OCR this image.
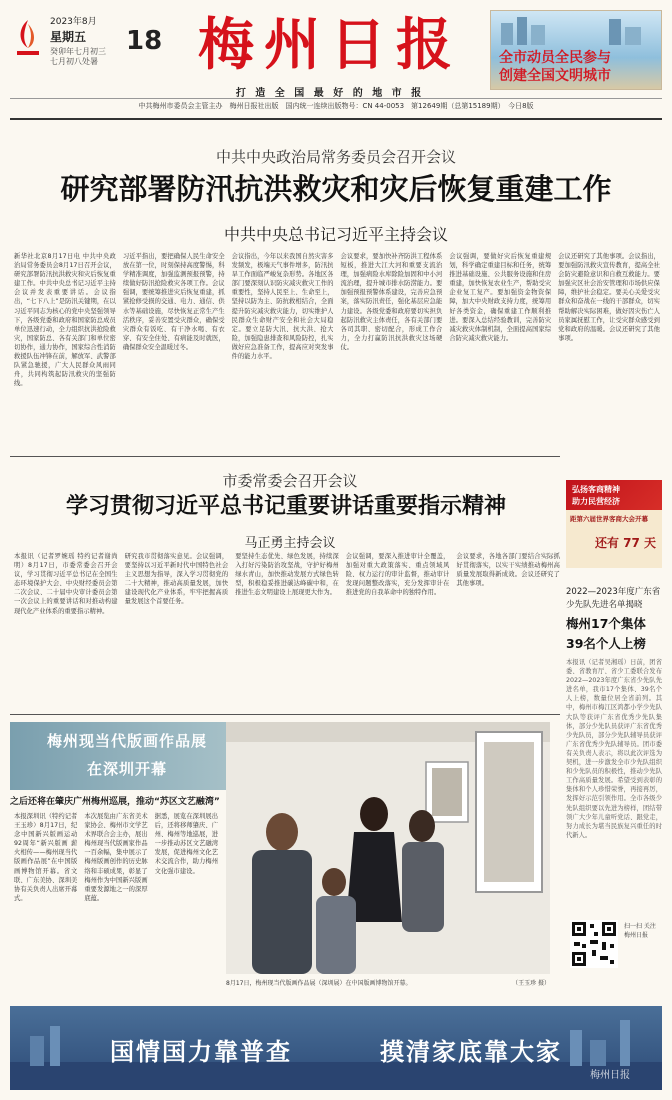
2023年8月
星期五
癸卯年七月初三
七月初八处暑
18 梅州日报
打 造 全 国 最 好 的 地 市 报
全市动员全民参与
创建全国文明城市
中共梅州市委员会主管主办　梅州日报社出版　国内统一连续出版物号：CN 44-0053　第12649期（总第15189期）　今日8版
中共中央政治局常务委员会召开会议
研究部署防汛抗洪救灾和灾后恢复重建工作
中共中央总书记习近平主持会议
新华社北京8月17日电 中共中央政治局常务委员会8月17日召开会议，研究部署防汛抗洪救灾和灾后恢复重建工作。中共中央总书记习近平主持会议并发表重要讲话。会议指出，“七下八上”是防汛关键期，在以习近平同志为核心的党中央坚强领导下，各级党委和政府和国家防总成员单位迅速行动，全力组织抗洪抢险救灾，国家防总、各有关部门和单位密切协作，通力协作，国家综合性消防救援队伍冲锋在前，解放军、武警部队紧急驰援，广大人民群众风雨同舟，共同构筑起防汛救灾的坚强防线。
习近平指出，要把确保人民生命安全放在第一位，时刻保持高度警惕，科学精准调度，加强监测预报预警，持续做好防汛抢险救灾各项工作。会议强调，要统筹推进灾后恢复重建，抓紧抢修受损的交通、电力、通信、供水等基础设施，尽快恢复正常生产生活秩序，妥善安置受灾群众，确保受灾群众有饭吃、有干净水喝、有衣穿、有安全住处、有病能及时就医，确保群众安全温暖过冬。
会议指出，今年以来我国自然灾害多发频发，极端天气事件增多，防汛抗旱工作面临严峻复杂形势。各地区各部门要深刻认识防灾减灾救灾工作的重要性，坚持人民至上、生命至上，坚持以防为主、防抗救相结合，全面提升防灾减灾救灾能力，切实维护人民群众生命财产安全和社会大局稳定。要立足防大汛、抗大洪、抢大险，加强隐患排查和风险防控，扎实做好应急准备工作，提高应对突发事件的能力水平。
会议要求，要加快补齐防洪工程体系短板，推进大江大河和重要支流治理，加强病险水库除险加固和中小河流治理，提升城市排水防涝能力。要加强预报预警体系建设，完善应急预案，落实防汛责任，强化基层应急能力建设。各级党委和政府要切实担负起防汛救灾主体责任，各有关部门要各司其职、密切配合，形成工作合力，全力打赢防汛抗洪救灾这场硬仗。
会议强调，要做好灾后恢复重建规划，科学确定重建目标和任务，统筹推进基础设施、公共服务设施和住房重建，加快恢复农业生产，帮助受灾企业复工复产。要加强资金物资保障，加大中央财政支持力度，统筹用好各类资金，确保重建工作顺利推进。要深入总结经验教训，完善防灾减灾救灾体制机制，全面提高国家综合防灾减灾救灾能力。
会议还研究了其他事项。会议指出，要加强防汛救灾宣传教育，提高全社会防灾避险意识和自救互救能力。要加强灾区社会治安管理和市场供应保障，维护社会稳定。要关心关爱受灾群众和奋战在一线的干部群众，切实帮助解决实际困难，做好因灾伤亡人员家属抚慰工作，让受灾群众感受到党和政府的温暖。会议还研究了其他事项。
市委常委会召开会议
学习贯彻习近平总书记重要讲话重要指示精神
马正勇主持会议
本报讯（记者罗婉瑶 特约记者谢尚明）8月17日，市委常委会召开会议，学习贯彻习近平总书记在全国生态环境保护大会、中央财经委员会第二次会议、二十届中央审计委员会第一次会议上的重要讲话和对推动构建现代化产业体系的重要指示精神。
研究我市贯彻落实意见。会议强调，要坚持以习近平新时代中国特色社会主义思想为指导，深入学习贯彻党的二十大精神，推动高质量发展，加快建设现代化产业体系，牢牢把握高质量发展这个首要任务。
要坚持生态优先、绿色发展，持续深入打好污染防治攻坚战，守护好梅州绿水青山，加快推动发展方式绿色转型，积极稳妥推进碳达峰碳中和，在推进生态文明建设上展现更大作为。
会议强调，要深入推进审计全覆盖，加强对重大政策落实、重点领域风险、权力运行的审计监督，推动审计发现问题整改落实，充分发挥审计在推进党的自我革命中的独特作用。
会议要求，各地各部门要结合实际抓好贯彻落实，以实干实绩推动梅州高质量发展取得新成效。会议还研究了其他事项。
弘扬客商精神
助力民营经济
距第六届世界客商大会开幕
还有 77 天
2022—2023年度广东省少先队先进名单揭晓
梅州17个集体39名个人上榜
本报讯（记者吴湘瑶）日前，团省委、省教育厅、省少工委联合发布2022—2023年度广东省少先队先进名单，我市17个集体、39名个人上榜，数量位居全省前列。其中，梅州市梅江区鸿都小学少先队大队等获评广东省优秀少先队集体，部分少先队员获评广东省优秀少先队员，部分少先队辅导员获评广东省优秀少先队辅导员。团市委有关负责人表示，将以此次评选为契机，进一步激发全市少先队组织和少先队员的积极性，推动少先队工作高质量发展。希望受到表彰的集体和个人珍惜荣誉，再接再厉，发挥好示范引领作用。全市各级少先队组织要以先进为榜样，团结带领广大少年儿童听党话、跟党走，努力成长为堪当民族复兴重任的时代新人。
扫一扫 关注梅州日报
梅州现当代版画作品展
在深圳开幕
之后还将在肇庆广州梅州巡展，推动“苏区文艺融湾”
本报深圳讯（特约记者王玉珍）8月17日，纪念中国新兴版画运动92周年“新兴版画 薪火相传——梅州现当代版画作品展”在中国版画博物馆开幕。省文联、广东美协、深圳美协有关负责人出席开幕式。
本次展览由广东省美术家协会、梅州市文学艺术界联合会主办，展出梅州现当代版画家作品一百余幅，集中展示了梅州版画创作的历史脉络和丰硕成果，彰显了梅州作为中国新兴版画重要发源地之一的深厚底蕴。
据悉，展览在深圳展出后，还将移师肇庆、广州、梅州等地巡展，进一步推动苏区文艺融湾发展，促进梅州文化艺术交流合作，助力梅州文化强市建设。
8月17日，梅州现当代版画作品展（深圳展）在中国版画博物馆开幕。	（王玉珍 摄）
国情国力靠普查	摸清家底靠大家
梅州日报
